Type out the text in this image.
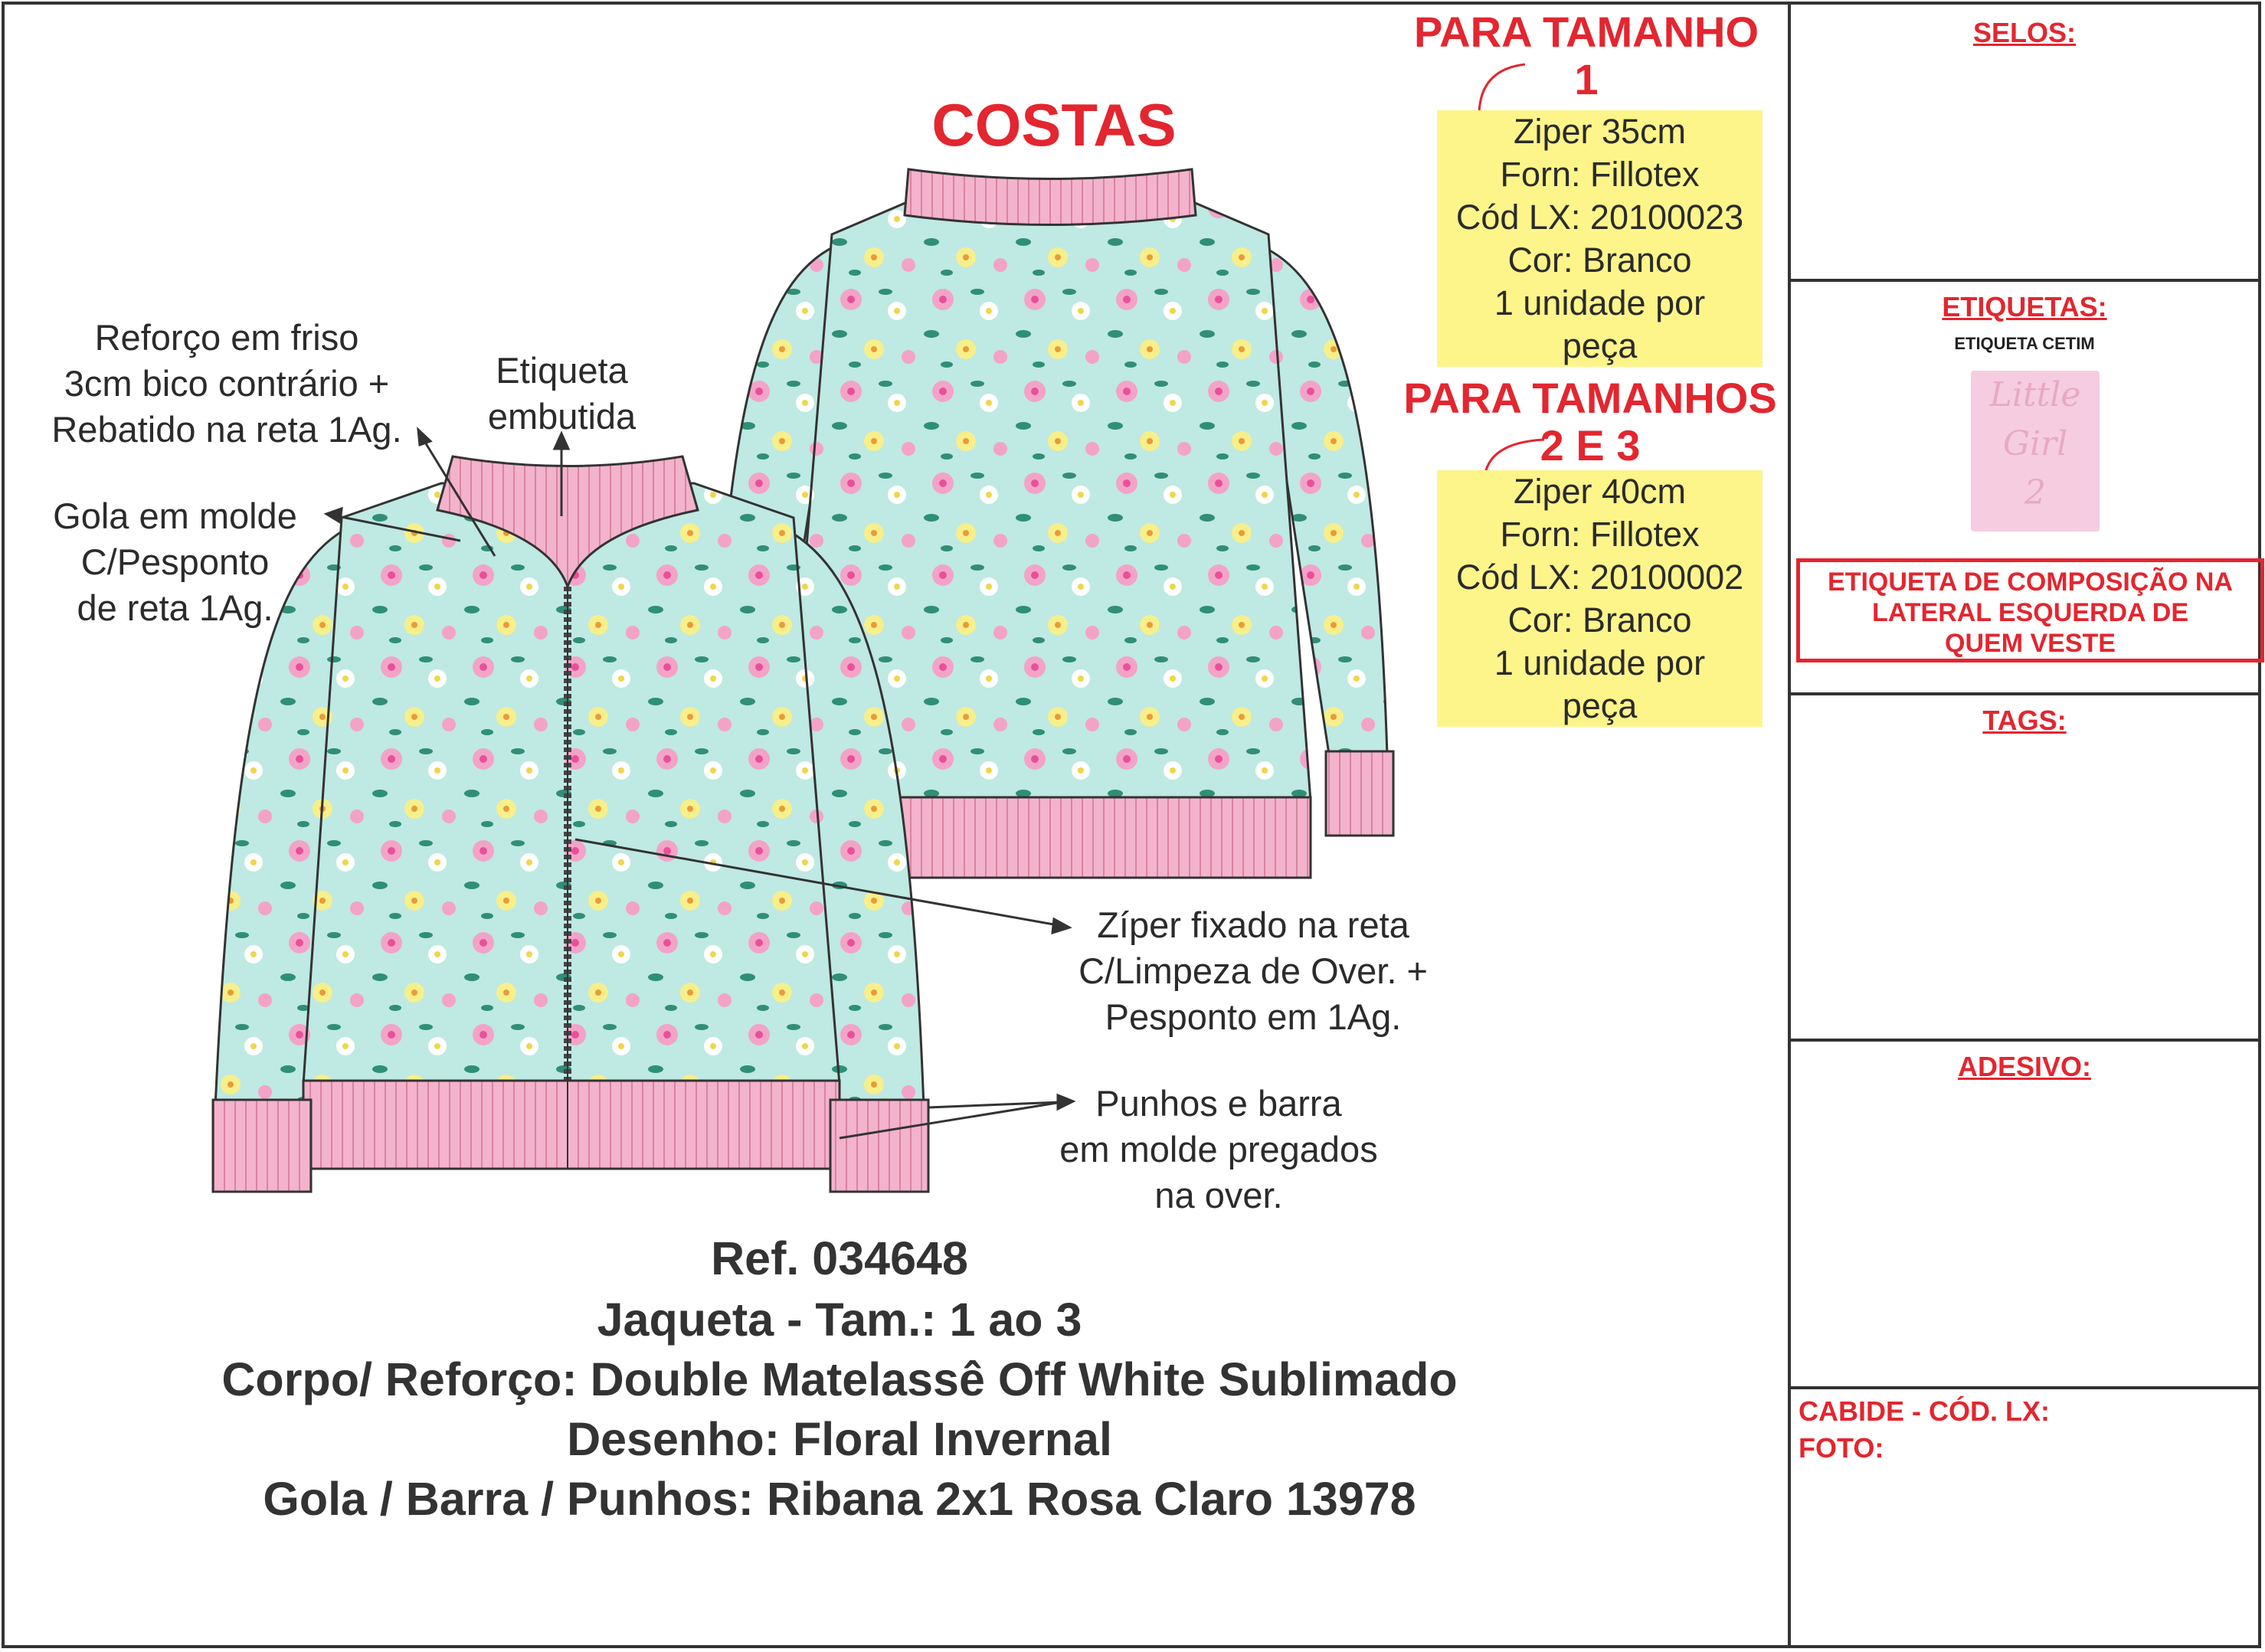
COSTAS
PARA TAMANHO
1
PARA TAMANHOS
2 E 3
Ziper 35cm
Forn: Fillotex
Cód LX: 20100023
Cor: Branco
1 unidade por
peça
Ziper 40cm
Forn: Fillotex
Cód LX: 20100002
Cor: Branco
1 unidade por
peça
Reforço em friso
3cm bico contrário +
Rebatido na reta 1Ag.
Etiqueta
embutida
Gola em molde
C/Pesponto
de reta 1Ag.
Zíper fixado na reta
C/Limpeza de Over. +
Pesponto em 1Ag.
Punhos e barra
em molde pregados
na over.
Ref. 034648
Jaqueta - Tam.: 1 ao 3
Corpo/ Reforço: Double Matelassê Off White Sublimado
Desenho: Floral Invernal
Gola / Barra / Punhos: Ribana 2x1 Rosa Claro 13978
SELOS:
ETIQUETAS:
ETIQUETA CETIM
Little
Girl
2
ETIQUETA DE COMPOSIÇÃO NA
LATERAL ESQUERDA DE
QUEM VESTE
TAGS:
ADESIVO:
CABIDE - CÓD. LX:
FOTO:
